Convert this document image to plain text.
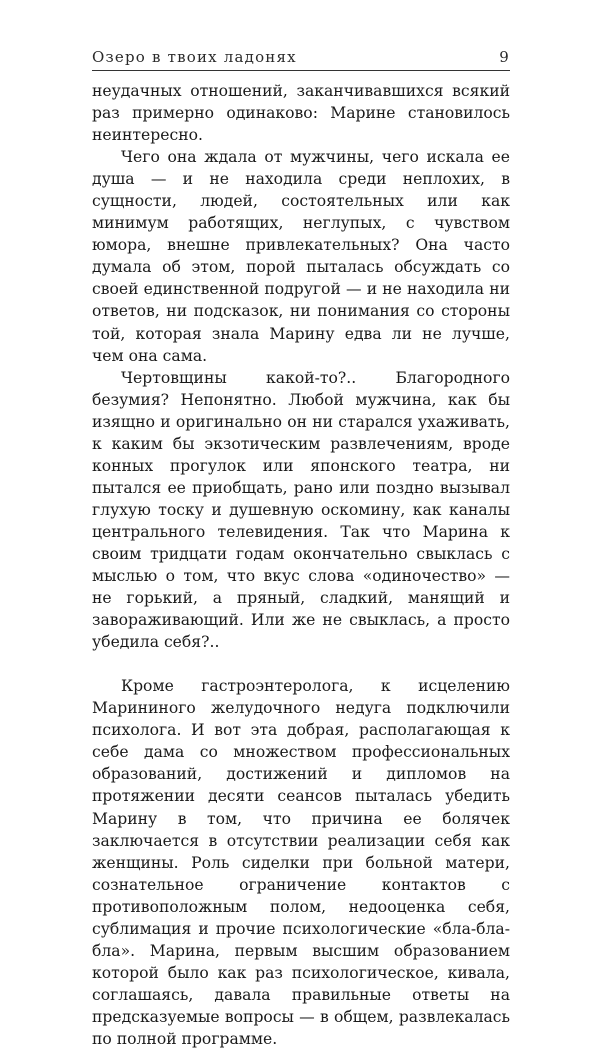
Озеро в твоих ладонях	9

неудачных отношений, заканчивавшихся всякий раз примерно одинаково: Марине становилось неинтересно.

Чего она ждала от мужчины, чего искала ее душа — и не находила среди неплохих, в сущности, людей, состоятельных или как минимум работящих, неглупых, с чувством юмора, внешне привлекательных? Она часто думала об этом, порой пыталась обсуждать со своей единственной подругой — и не находила ни ответов, ни подсказок, ни понимания со стороны той, которая знала Марину едва ли не лучше, чем она сама.

Чертовщины какой-то?.. Благородного безумия? Непонятно. Любой мужчина, как бы изящно и оригинально он ни старался ухаживать, к каким бы экзотическим развлечениям, вроде конных прогулок или японского театра, ни пытался ее приобщать, рано или поздно вызывал глухую тоску и душевную оскомину, как каналы центрального телевидения. Так что Марина к своим тридцати годам окончательно свыклась с мыслью о том, что вкус слова «одиночество» — не горький, а пряный, сладкий, манящий и завораживающий. Или же не свыклась, а просто убедила себя?..

Кроме гастроэнтеролога, к исцелению Марининого желудочного недуга подключили психолога. И вот эта добрая, располагающая к себе дама со множеством профессиональных образований, достижений и дипломов на протяжении десяти сеансов пыталась убедить Марину в том, что причина ее болячек заключается в отсутствии реализации себя как женщины. Роль сиделки при больной матери, сознательное ограничение контактов с противоположным полом, недооценка себя, сублимация и прочие психологические «бла-бла-бла». Марина, первым высшим образованием которой было как раз психологическое, кивала, соглашаясь, давала правильные ответы на предсказуемые вопросы — в общем, развлекалась по полной программе.
